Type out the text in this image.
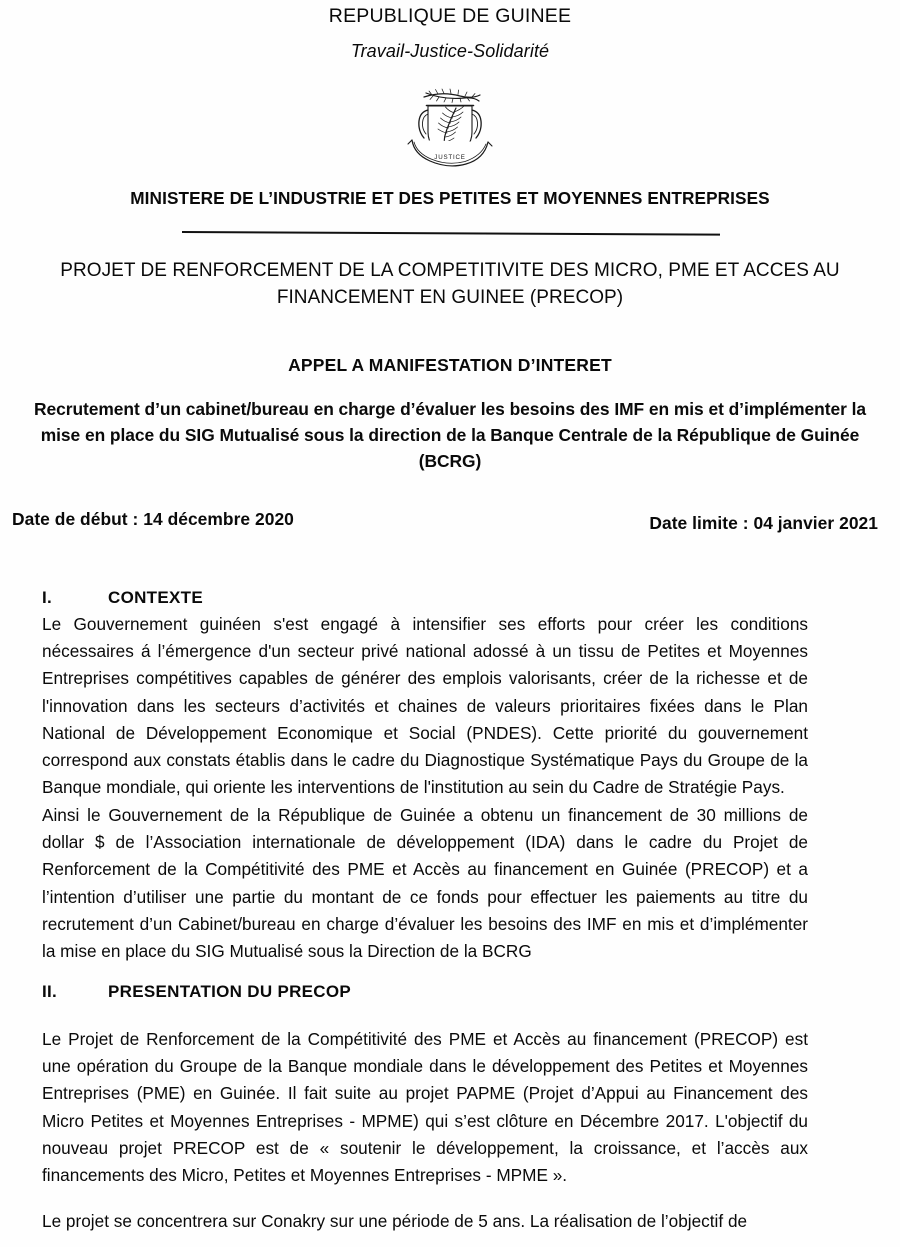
REPUBLIQUE DE GUINEE
Travail-Justice-Solidarité
JUSTICE
MINISTERE DE L’INDUSTRIE ET DES PETITES ET MOYENNES ENTREPRISES
PROJET DE RENFORCEMENT DE LA COMPETITIVITE DES MICRO, PME ET ACCES AU FINANCEMENT EN GUINEE (PRECOP)
APPEL A MANIFESTATION D’INTERET
Recrutement d’un cabinet/bureau en charge d’évaluer les besoins des IMF en mis et d’implémenter la mise en place du SIG Mutualisé sous la direction de la Banque Centrale de la République de Guinée (BCRG)
Date de début : 14 décembre 2020	Date limite : 04 janvier 2021
I.	CONTEXTE
Le Gouvernement guinéen s'est engagé à intensifier ses efforts pour créer les conditions nécessaires á l’émergence d'un secteur privé national adossé à un tissu de Petites et Moyennes Entreprises compétitives capables de générer des emplois valorisants, créer de la richesse et de l'innovation dans les secteurs d’activités et chaines de valeurs prioritaires fixées dans le Plan National de Développement Economique et Social (PNDES). Cette priorité du gouvernement correspond aux constats établis dans le cadre du Diagnostique Systématique Pays du Groupe de la Banque mondiale, qui oriente les interventions de l'institution au sein du Cadre de Stratégie Pays.
Ainsi le Gouvernement de la République de Guinée a obtenu un financement de 30 millions de dollar $ de l’Association internationale de développement (IDA) dans le cadre du Projet de Renforcement de la Compétitivité des PME et Accès au financement en Guinée (PRECOP) et a l’intention d’utiliser une partie du montant de ce fonds pour effectuer les paiements au titre du recrutement d’un Cabinet/bureau en charge d’évaluer les besoins des IMF en mis et d’implémenter la mise en place du SIG Mutualisé sous la Direction de la BCRG
II.	PRESENTATION DU PRECOP
Le Projet de Renforcement de la Compétitivité des PME et Accès au financement (PRECOP) est une opération du Groupe de la Banque mondiale dans le développement des Petites et Moyennes Entreprises (PME) en Guinée. Il fait suite au projet PAPME (Projet d’Appui au Financement des Micro Petites et Moyennes Entreprises - MPME) qui s’est clôture en Décembre 2017. L'objectif du nouveau projet PRECOP est de « soutenir le développement, la croissance, et l’accès aux financements des Micro, Petites et Moyennes Entreprises - MPME ».
Le projet se concentrera sur Conakry sur une période de 5 ans. La réalisation de l’objectif de
